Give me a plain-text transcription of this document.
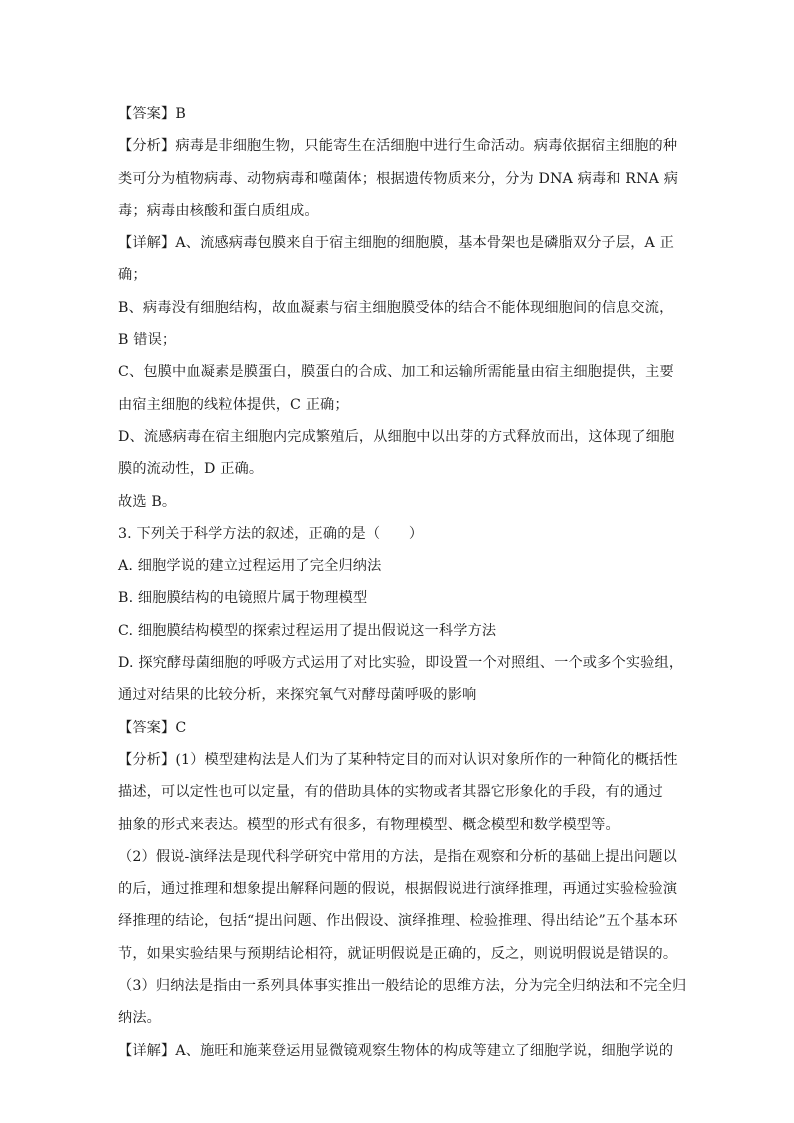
【答案】B
【分析】病毒是非细胞生物，只能寄生在活细胞中进行生命活动。病毒依据宿主细胞的种
类可分为植物病毒、动物病毒和噬菌体；根据遗传物质来分，分为 DNA 病毒和 RNA 病
毒；病毒由核酸和蛋白质组成。
【详解】A、流感病毒包膜来自于宿主细胞的细胞膜，基本骨架也是磷脂双分子层，A 正
确；
B、病毒没有细胞结构，故血凝素与宿主细胞膜受体的结合不能体现细胞间的信息交流，
B 错误；
C、包膜中血凝素是膜蛋白，膜蛋白的合成、加工和运输所需能量由宿主细胞提供，主要
由宿主细胞的线粒体提供，C 正确；
D、流感病毒在宿主细胞内完成繁殖后，从细胞中以出芽的方式释放而出，这体现了细胞
膜的流动性，D 正确。
故选 B。
3. 下列关于科学方法的叙述，正确的是（　　）
A. 细胞学说的建立过程运用了完全归纳法
B. 细胞膜结构的电镜照片属于物理模型
C. 细胞膜结构模型的探索过程运用了提出假说这一科学方法
D. 探究酵母菌细胞的呼吸方式运用了对比实验，即设置一个对照组、一个或多个实验组，
通过对结果的比较分析，来探究氧气对酵母菌呼吸的影响
【答案】C
【分析】(1）模型建构法是人们为了某种特定目的而对认识对象所作的一种简化的概括性
描述，可以定性也可以定量，有的借助具体的实物或者其器它形象化的手段，有的通过
抽象的形式来表达。模型的形式有很多，有物理模型、概念模型和数学模型等。
（2）假说-演绎法是现代科学研究中常用的方法，是指在观察和分析的基础上提出问题以
的后，通过推理和想象提出解释问题的假说，根据假说进行演绎推理，再通过实验检验演
绎推理的结论，包括“提出问题、作出假设、演绎推理、检验推理、得出结论”五个基本环
节，如果实验结果与预期结论相符，就证明假说是正确的，反之，则说明假说是错误的。
（3）归纳法是指由一系列具体事实推出一般结论的思维方法，分为完全归纳法和不完全归
纳法。
【详解】A、施旺和施莱登运用显微镜观察生物体的构成等建立了细胞学说，细胞学说的
